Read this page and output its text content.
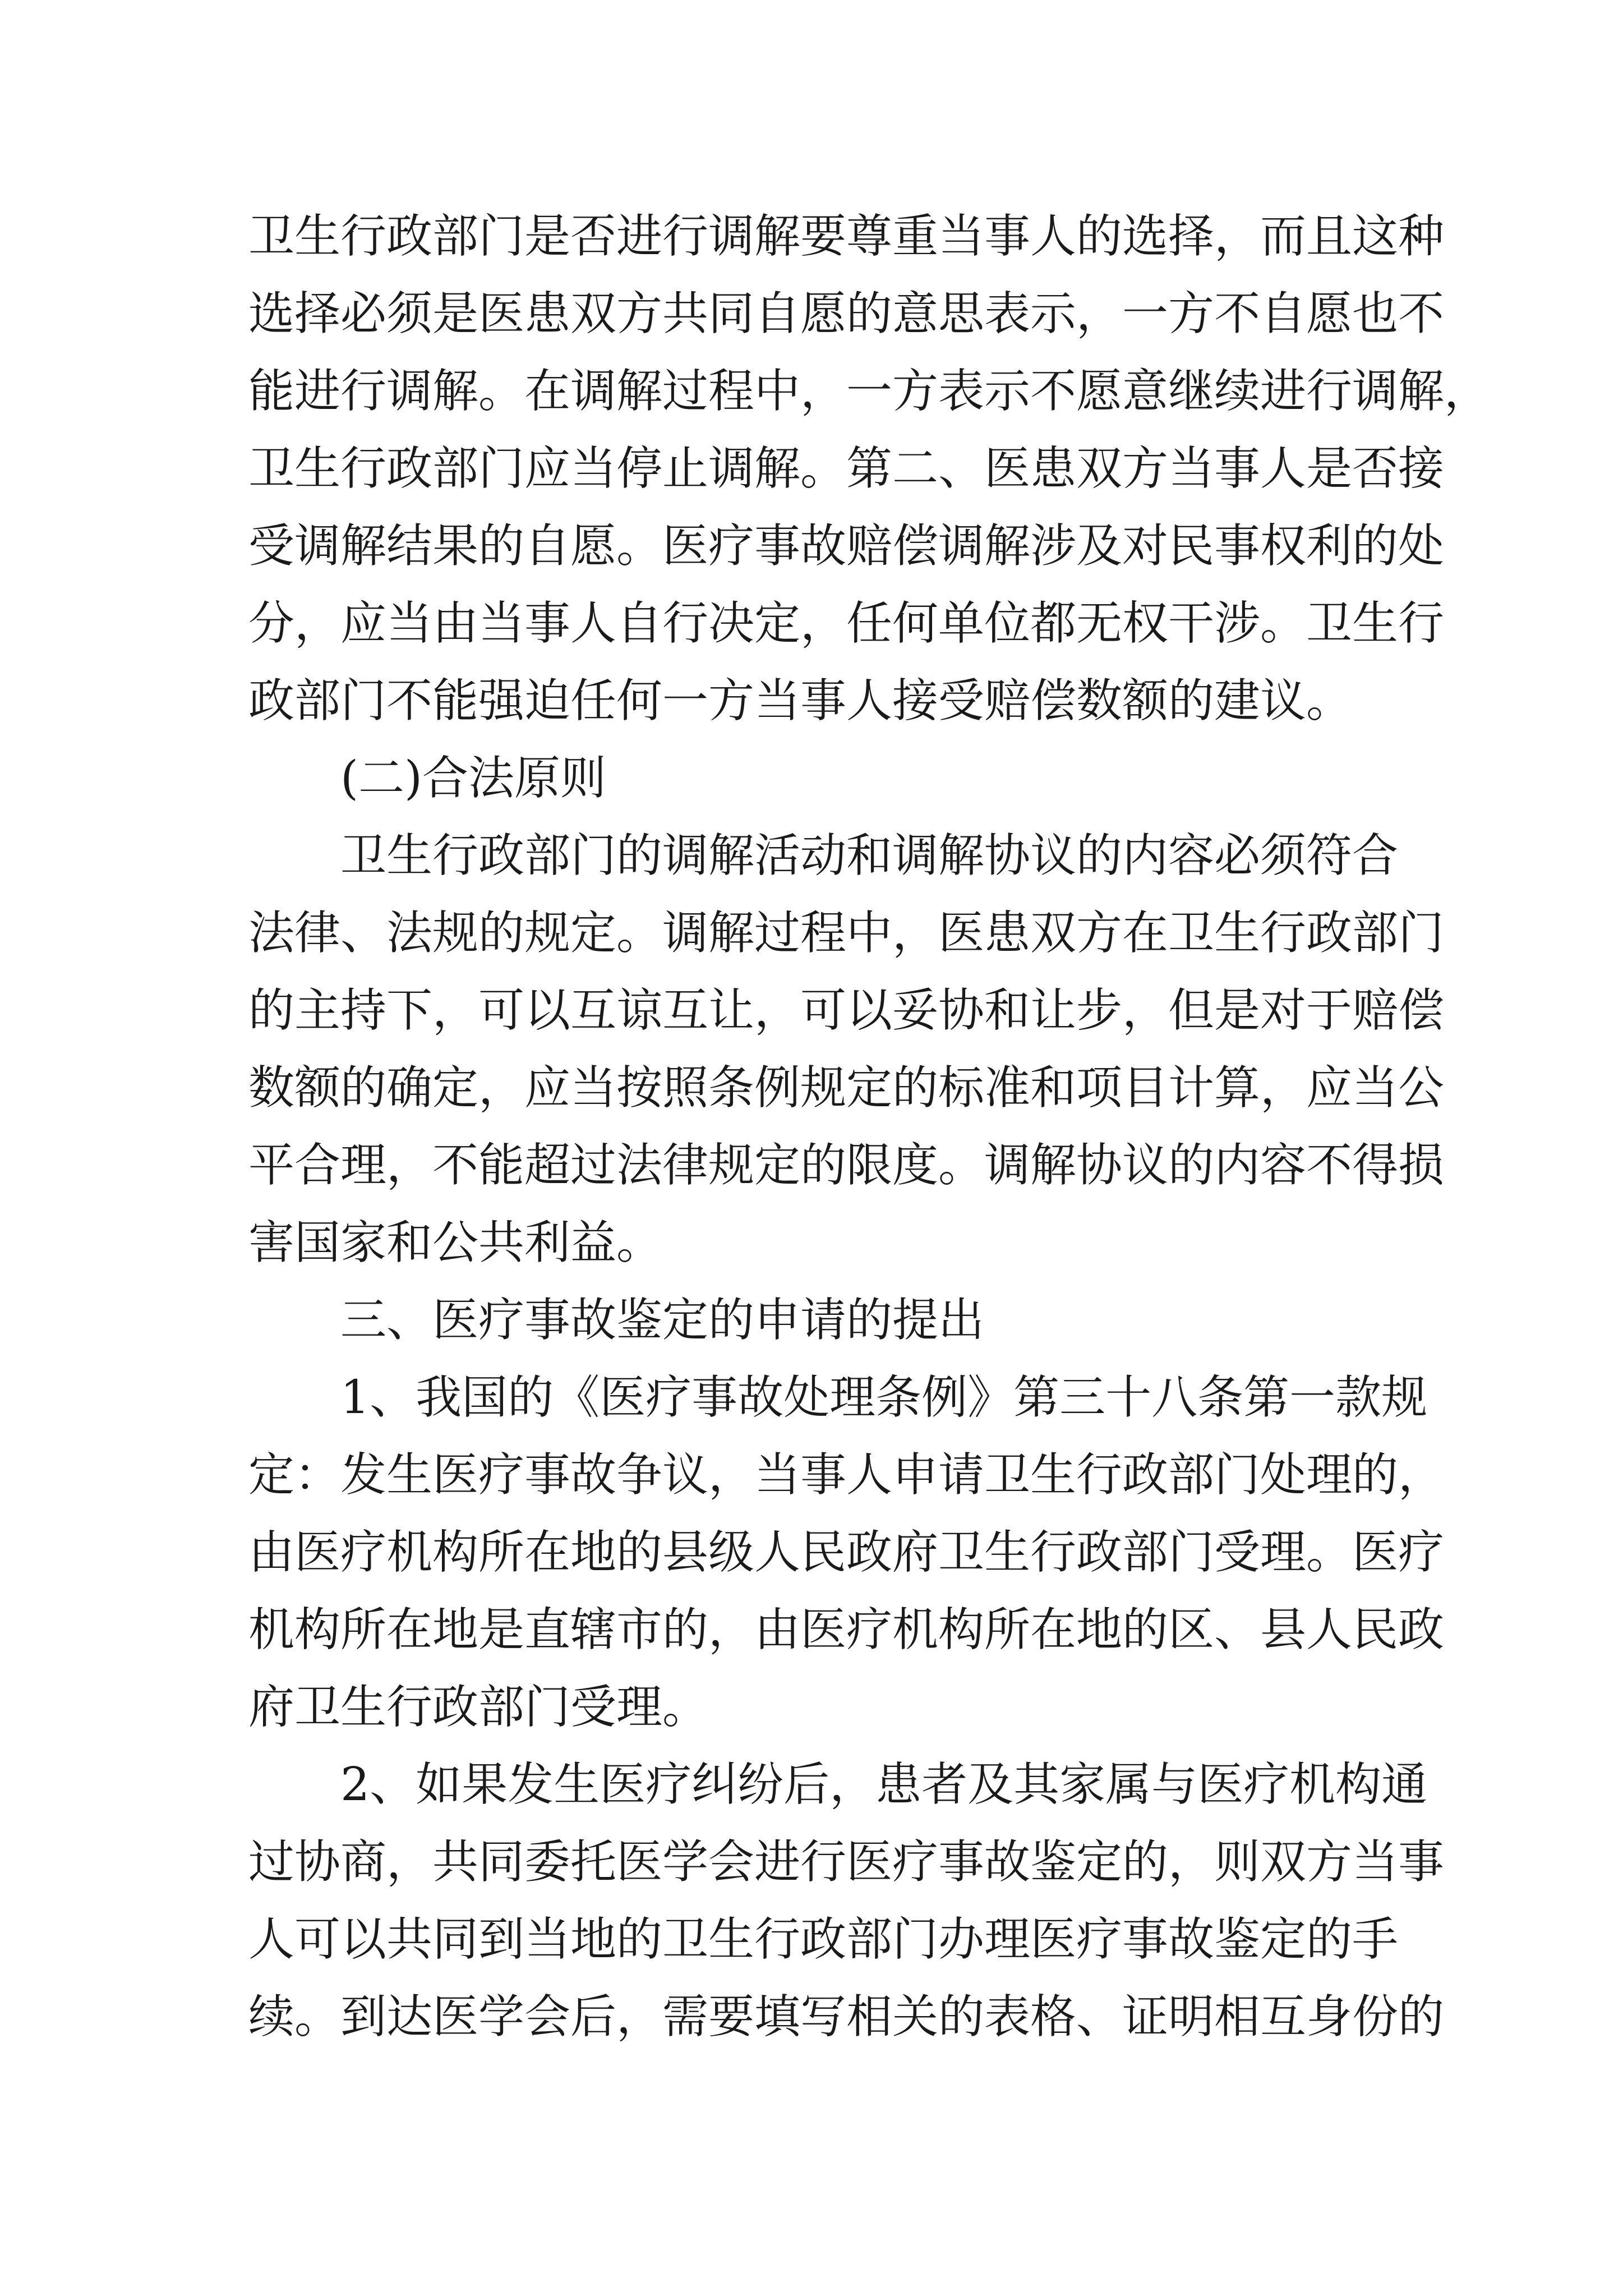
卫生行政部门是否进行调解要尊重当事人的选择，而且这种
选择必须是医患双方共同自愿的意思表示，一方不自愿也不
能进行调解。在调解过程中，一方表示不愿意继续进行调解，
卫生行政部门应当停止调解。第二、医患双方当事人是否接
受调解结果的自愿。医疗事故赔偿调解涉及对民事权利的处
分，应当由当事人自行决定，任何单位都无权干涉。卫生行
政部门不能强迫任何一方当事人接受赔偿数额的建议。
(二)合法原则
卫生行政部门的调解活动和调解协议的内容必须符合
法律、法规的规定。调解过程中，医患双方在卫生行政部门
的主持下，可以互谅互让，可以妥协和让步，但是对于赔偿
数额的确定，应当按照条例规定的标准和项目计算，应当公
平合理，不能超过法律规定的限度。调解协议的内容不得损
害国家和公共利益。
三、医疗事故鉴定的申请的提出
1、我国的《医疗事故处理条例》第三十八条第一款规
定：发生医疗事故争议，当事人申请卫生行政部门处理的，
由医疗机构所在地的县级人民政府卫生行政部门受理。医疗
机构所在地是直辖市的，由医疗机构所在地的区、县人民政
府卫生行政部门受理。
2、如果发生医疗纠纷后，患者及其家属与医疗机构通
过协商，共同委托医学会进行医疗事故鉴定的，则双方当事
人可以共同到当地的卫生行政部门办理医疗事故鉴定的手
续。到达医学会后，需要填写相关的表格、证明相互身份的
